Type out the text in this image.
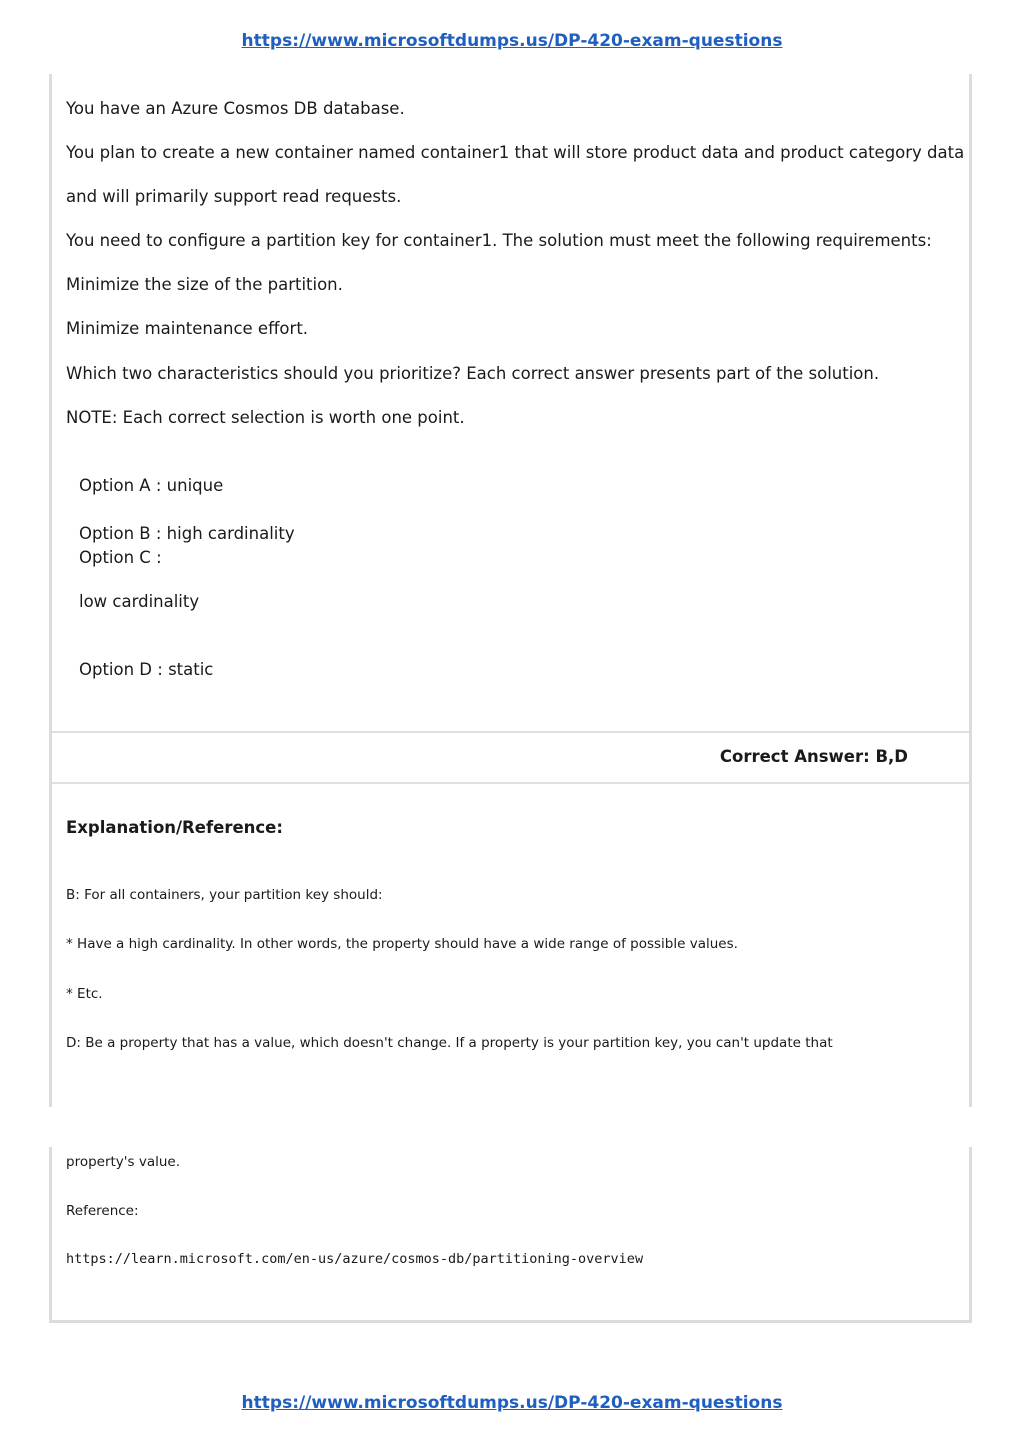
https://www.microsoftdumps.us/DP-420-exam-questions
You have an Azure Cosmos DB database.
You plan to create a new container named container1 that will store product data and product category data
and will primarily support read requests.
You need to configure a partition key for container1. The solution must meet the following requirements:
Minimize the size of the partition.
Minimize maintenance effort.
Which two characteristics should you prioritize? Each correct answer presents part of the solution.
NOTE: Each correct selection is worth one point.
Option A : unique
Option B : high cardinality
Option C :
low cardinality
Option D : static
Correct Answer: B,D
Explanation/Reference:
B: For all containers, your partition key should:
* Have a high cardinality. In other words, the property should have a wide range of possible values.
* Etc.
D: Be a property that has a value, which doesn't change. If a property is your partition key, you can't update that
property's value.
Reference:
https://learn.microsoft.com/en-us/azure/cosmos-db/partitioning-overview
https://www.microsoftdumps.us/DP-420-exam-questions
